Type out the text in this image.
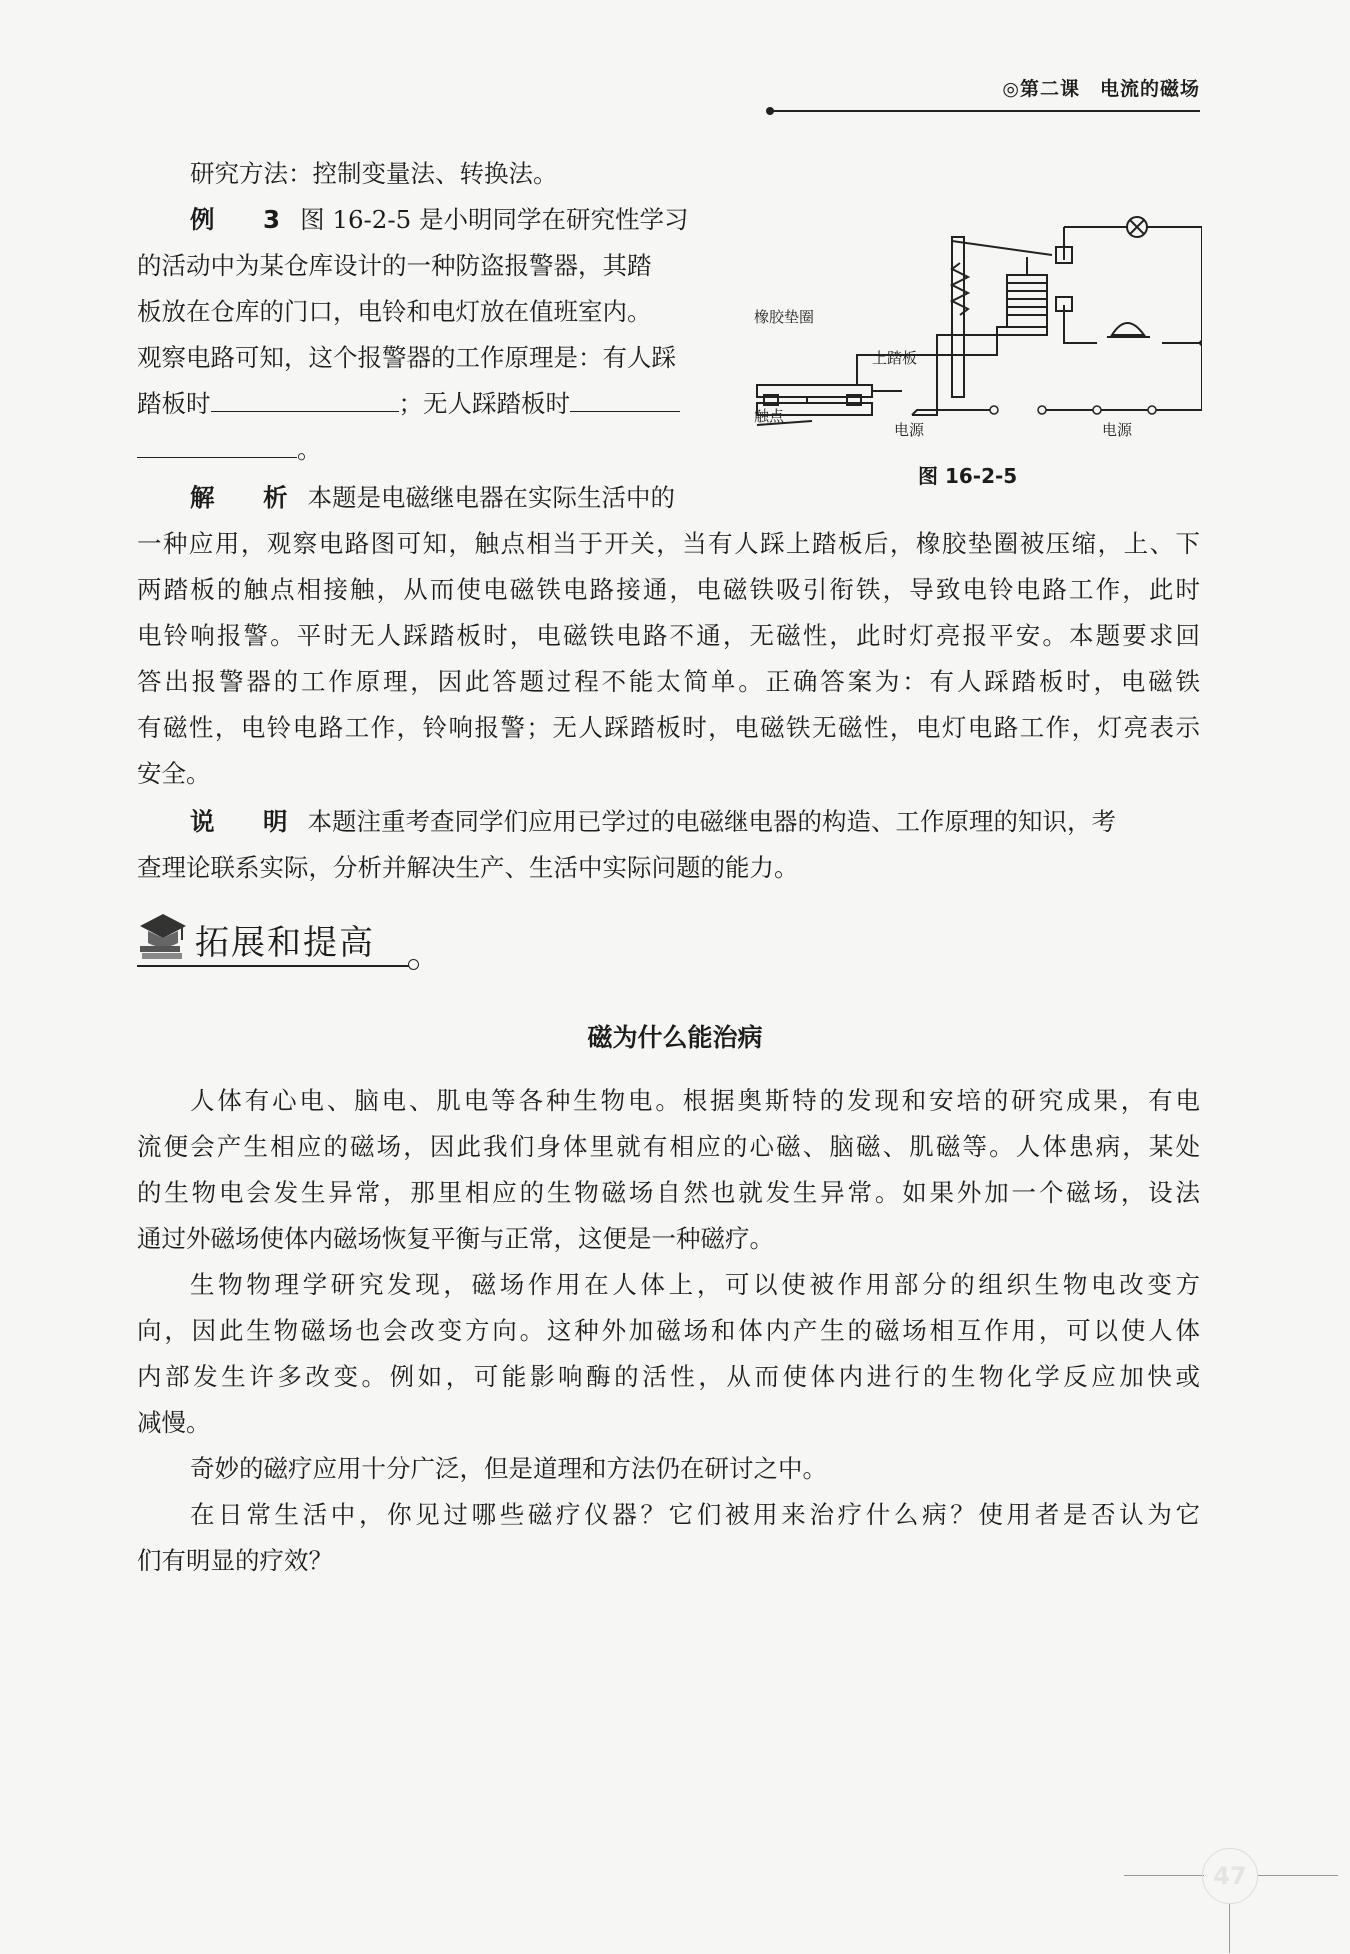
◎第二课　电流的磁场
研究方法：控制变量法、转换法。
例　3 图 16-2-5 是小明同学在研究性学习
的活动中为某仓库设计的一种防盗报警器，其踏
板放在仓库的门口，电铃和电灯放在值班室内。
观察电路可知，这个报警器的工作原理是：有人踩
踏板时	；无人踩踏板时
。
橡胶垫圈
上踏板
触点
电源	电源
图 16-2-5
解　析 本题是电磁继电器在实际生活中的
一种应用，观察电路图可知，触点相当于开关，当有人踩上踏板后，橡胶垫圈被压缩，上、下
两踏板的触点相接触，从而使电磁铁电路接通，电磁铁吸引衔铁，导致电铃电路工作，此时
电铃响报警。平时无人踩踏板时，电磁铁电路不通，无磁性，此时灯亮报平安。本题要求回
答出报警器的工作原理，因此答题过程不能太简单。正确答案为：有人踩踏板时，电磁铁
有磁性，电铃电路工作，铃响报警；无人踩踏板时，电磁铁无磁性，电灯电路工作，灯亮表示
安全。
说　明 本题注重考查同学们应用已学过的电磁继电器的构造、工作原理的知识，考
查理论联系实际，分析并解决生产、生活中实际问题的能力。
拓展和提高
磁为什么能治病
人体有心电、脑电、肌电等各种生物电。根据奥斯特的发现和安培的研究成果，有电
流便会产生相应的磁场，因此我们身体里就有相应的心磁、脑磁、肌磁等。人体患病，某处
的生物电会发生异常，那里相应的生物磁场自然也就发生异常。如果外加一个磁场，设法
通过外磁场使体内磁场恢复平衡与正常，这便是一种磁疗。
生物物理学研究发现，磁场作用在人体上，可以使被作用部分的组织生物电改变方
向，因此生物磁场也会改变方向。这种外加磁场和体内产生的磁场相互作用，可以使人体
内部发生许多改变。例如，可能影响酶的活性，从而使体内进行的生物化学反应加快或
减慢。
奇妙的磁疗应用十分广泛，但是道理和方法仍在研讨之中。
在日常生活中，你见过哪些磁疗仪器？它们被用来治疗什么病？使用者是否认为它
们有明显的疗效？
47
